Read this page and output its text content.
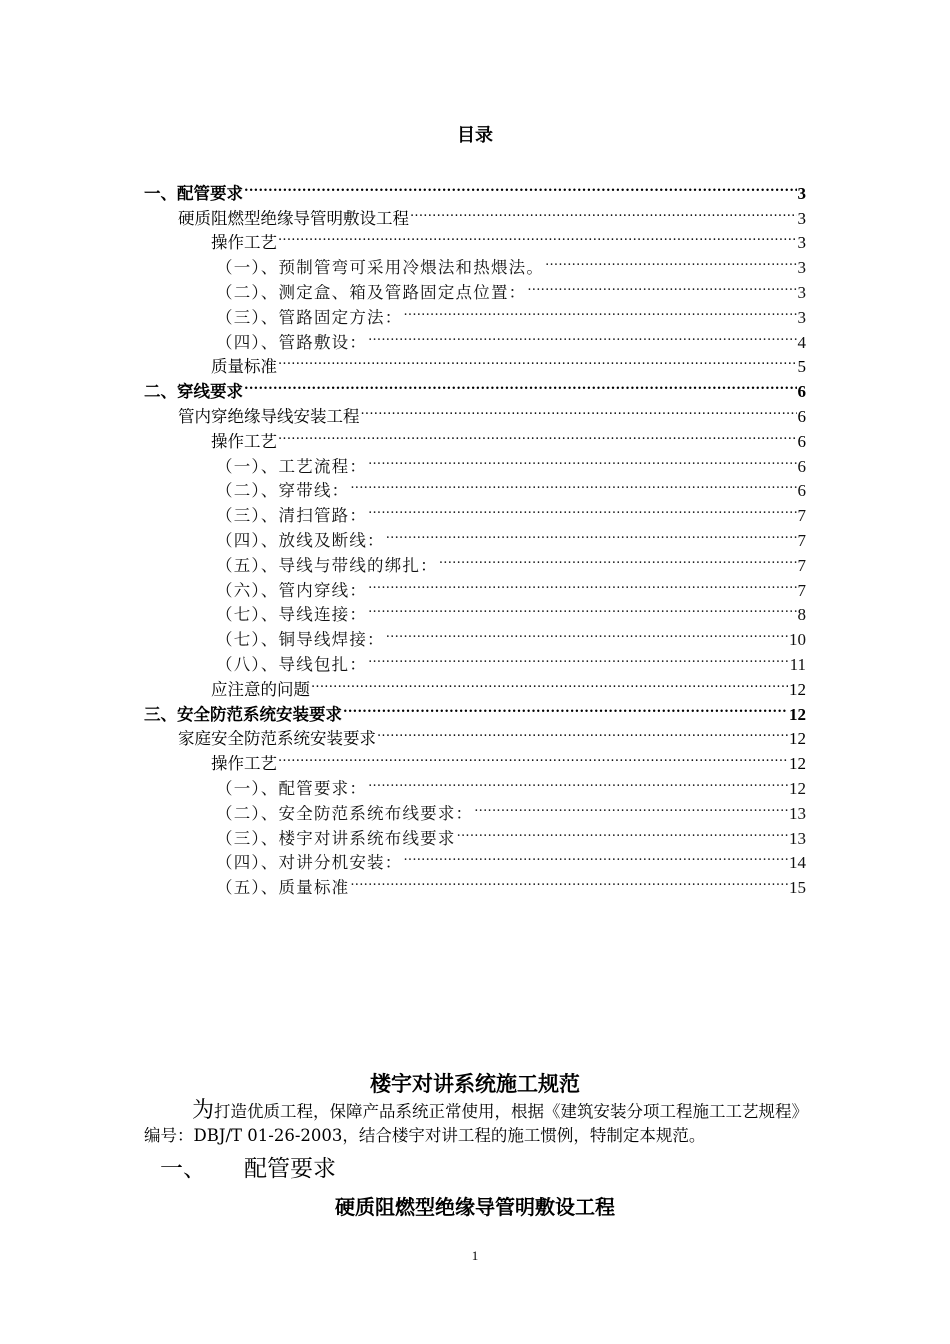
目录
一、配管要求 .....	3
硬质阻燃型绝缘导管明敷设工程 .....	3
操作工艺 .....	3
（一）、预制管弯可采用冷煨法和热煨法。 .....	3
（二）、测定盒、箱及管路固定点位置： .....	3
（三）、管路固定方法： .....	3
（四）、管路敷设： .....	4
质量标准 .....	5
二、穿线要求 .....	6
管内穿绝缘导线安装工程 .....	6
操作工艺 .....	6
（一）、工艺流程： .....	6
（二）、穿带线： .....	6
（三）、清扫管路： .....	7
（四）、放线及断线： .....	7
（五）、导线与带线的绑扎： .....	7
（六）、管内穿线： .....	7
（七）、导线连接： .....	8
（七）、铜导线焊接： .....	10
（八）、导线包扎： .....	11
应注意的问题 .....	12
三、安全防范系统安装要求 .....	12
家庭安全防范系统安装要求 .....	12
操作工艺 .....	12
（一）、配管要求： .....	12
（二）、安全防范系统布线要求： .....	13
（三）、楼宇对讲系统布线要求 .....	13
（四）、对讲分机安装： .....	14
（五）、质量标准 .....	15
楼宇对讲系统施工规范

为打造优质工程，保障产品系统正常使用，根据《建筑安装分项工程施工工艺规程》编号：DBJ/T 01-26-2003，结合楼宇对讲工程的施工惯例，特制定本规范。

一、	配管要求
硬质阻燃型绝缘导管明敷设工程
1
